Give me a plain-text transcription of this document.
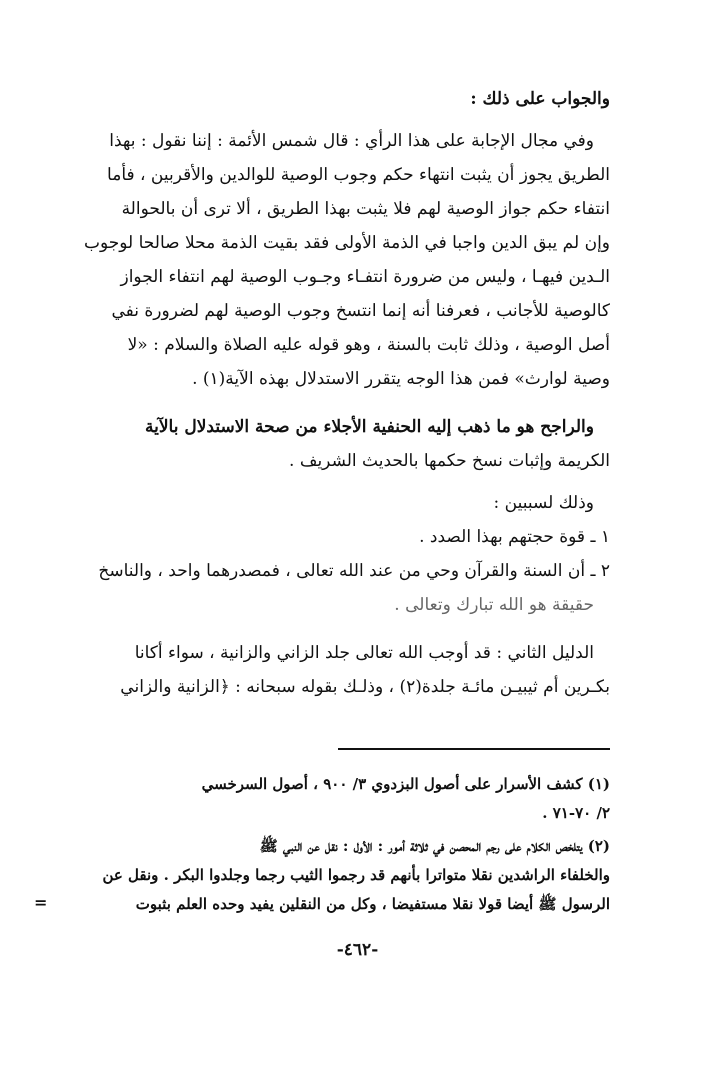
والجواب على ذلك :
وفي مجال الإجابة على هذا الرأي : قال شمس الأئمة : إننا نقول : بهذا
الطريق يجوز أن يثبت انتهاء حكم وجوب الوصية للوالدين والأقربين ، فأما
انتفاء حكم جواز الوصية لهم فلا يثبت بهذا الطريق ، ألا ترى أن بالحوالة
وإن لم يبق الدين واجبا في الذمة الأولى فقد بقيت الذمة محلا صالحا لوجوب
الـدين فيهـا ، وليس من ضرورة انتفـاء وجـوب الوصية لهم انتفاء الجواز
كالوصية للأجانب ، فعرفنا أنه إنما انتسخ وجوب الوصية لهم لضرورة نفي
أصل الوصية ، وذلك ثابت بالسنة ، وهو قوله عليه الصلاة والسلام : «لا
وصية لوارث» فمن هذا الوجه يتقرر الاستدلال بهذه الآية(١) .
والراجح هو ما ذهب إليه الحنفية الأجلاء من صحة الاستدلال بالآية
الكريمة وإثبات نسخ حكمها بالحديث الشريف .
وذلك لسببين :
١ ـ قوة حجتهم بهذا الصدد .
٢ ـ أن السنة والقرآن وحي من عند الله تعالى ، فمصدرهما واحد ، والناسخ
حقيقة هو الله تبارك وتعالى .
الدليل الثاني : قد أوجب الله تعالى جلد الزاني والزانية ، سواء أكانا
بكـرين أم ثيبيـن مائـة جلدة(٢) ، وذلـك بقوله سبحانه : ﴿الزانية والزاني
(١) كشف الأسرار على أصول البزدوي ٣/ ٩٠٠ ، أصول السرخسي
٢/ ٧٠-٧١ .
(٢) يتلخص الكلام على رجم المحصن في ثلاثة أمور : الأول : نقل عن النبي ﷺ
والخلفاء الراشدين نقلا متواترا بأنهم قد رجموا الثيب رجما وجلدوا البكر . ونقل عن
الرسول ﷺ أيضا قولا نقلا مستفيضا ، وكل من النقلين يفيد وحده العلم بثبوت
=
-٤٦٢-
